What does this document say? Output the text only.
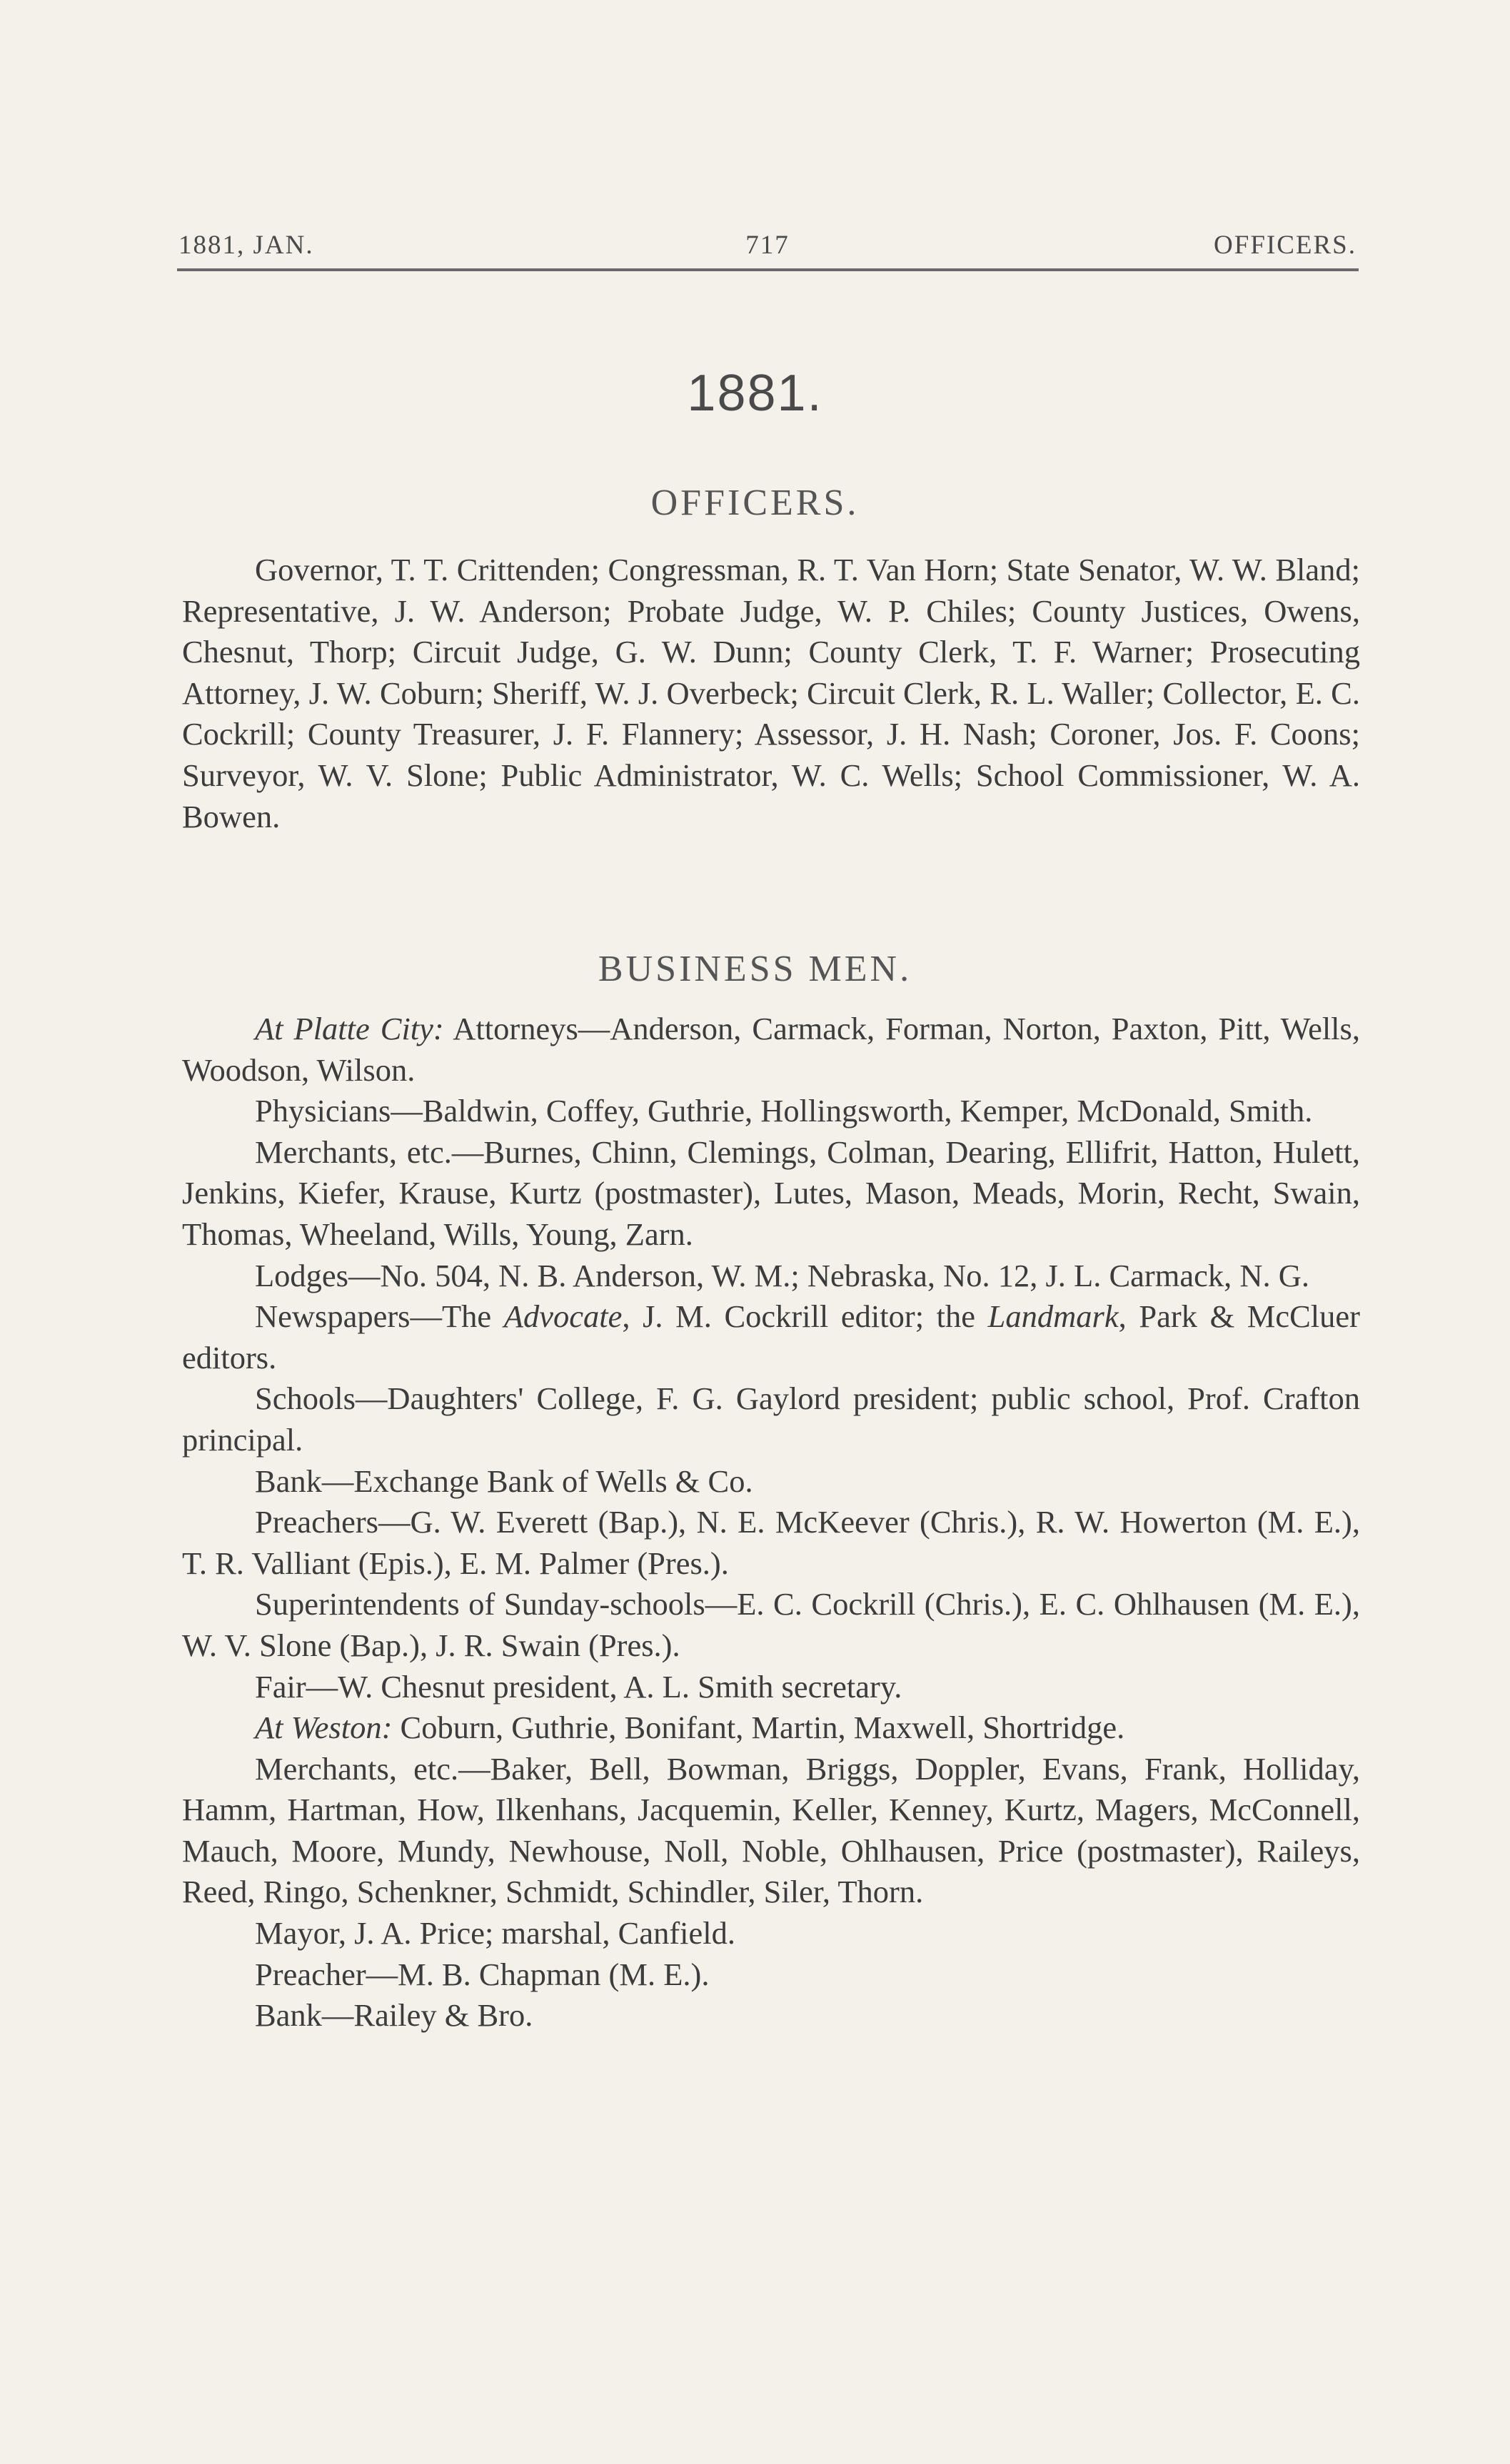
1881, JAN.	717	OFFICERS.
1881.
OFFICERS.

Governor, T. T. Crittenden; Congressman, R. T. Van Horn; State Senator, W. W. Bland; Representative, J. W. Anderson; Probate Judge, W. P. Chiles; County Justices, Owens, Chesnut, Thorp; Circuit Judge, G. W. Dunn; County Clerk, T. F. Warner; Prosecuting Attorney, J. W. Coburn; Sheriff, W. J. Overbeck; Circuit Clerk, R. L. Waller; Collector, E. C. Cockrill; County Treasurer, J. F. Flannery; Assessor, J. H. Nash; Coroner, Jos. F. Coons; Surveyor, W. V. Slone; Public Administrator, W. C. Wells; School Commissioner, W. A. Bowen.

BUSINESS MEN.

At Platte City: Attorneys—Anderson, Carmack, Forman, Norton, Paxton, Pitt, Wells, Woodson, Wilson.

Physicians—Baldwin, Coffey, Guthrie, Hollingsworth, Kemper, McDonald, Smith.

Merchants, etc.—Burnes, Chinn, Clemings, Colman, Dearing, Ellifrit, Hatton, Hulett, Jenkins, Kiefer, Krause, Kurtz (postmaster), Lutes, Mason, Meads, Morin, Recht, Swain, Thomas, Wheeland, Wills, Young, Zarn.

Lodges—No. 504, N. B. Anderson, W. M.; Nebraska, No. 12, J. L. Carmack, N. G.

Newspapers—The Advocate, J. M. Cockrill editor; the Landmark, Park & McCluer editors.

Schools—Daughters' College, F. G. Gaylord president; public school, Prof. Crafton principal.

Bank—Exchange Bank of Wells & Co.

Preachers—G. W. Everett (Bap.), N. E. McKeever (Chris.), R. W. Howerton (M. E.), T. R. Valliant (Epis.), E. M. Palmer (Pres.).

Superintendents of Sunday-schools—E. C. Cockrill (Chris.), E. C. Ohlhausen (M. E.), W. V. Slone (Bap.), J. R. Swain (Pres.).

Fair—W. Chesnut president, A. L. Smith secretary.

At Weston: Coburn, Guthrie, Bonifant, Martin, Maxwell, Shortridge.

Merchants, etc.—Baker, Bell, Bowman, Briggs, Doppler, Evans, Frank, Holliday, Hamm, Hartman, How, Ilkenhans, Jacquemin, Keller, Kenney, Kurtz, Magers, McConnell, Mauch, Moore, Mundy, Newhouse, Noll, Noble, Ohlhausen, Price (postmaster), Raileys, Reed, Ringo, Schenkner, Schmidt, Schindler, Siler, Thorn.

Mayor, J. A. Price; marshal, Canfield.

Preacher—M. B. Chapman (M. E.).

Bank—Railey & Bro.
